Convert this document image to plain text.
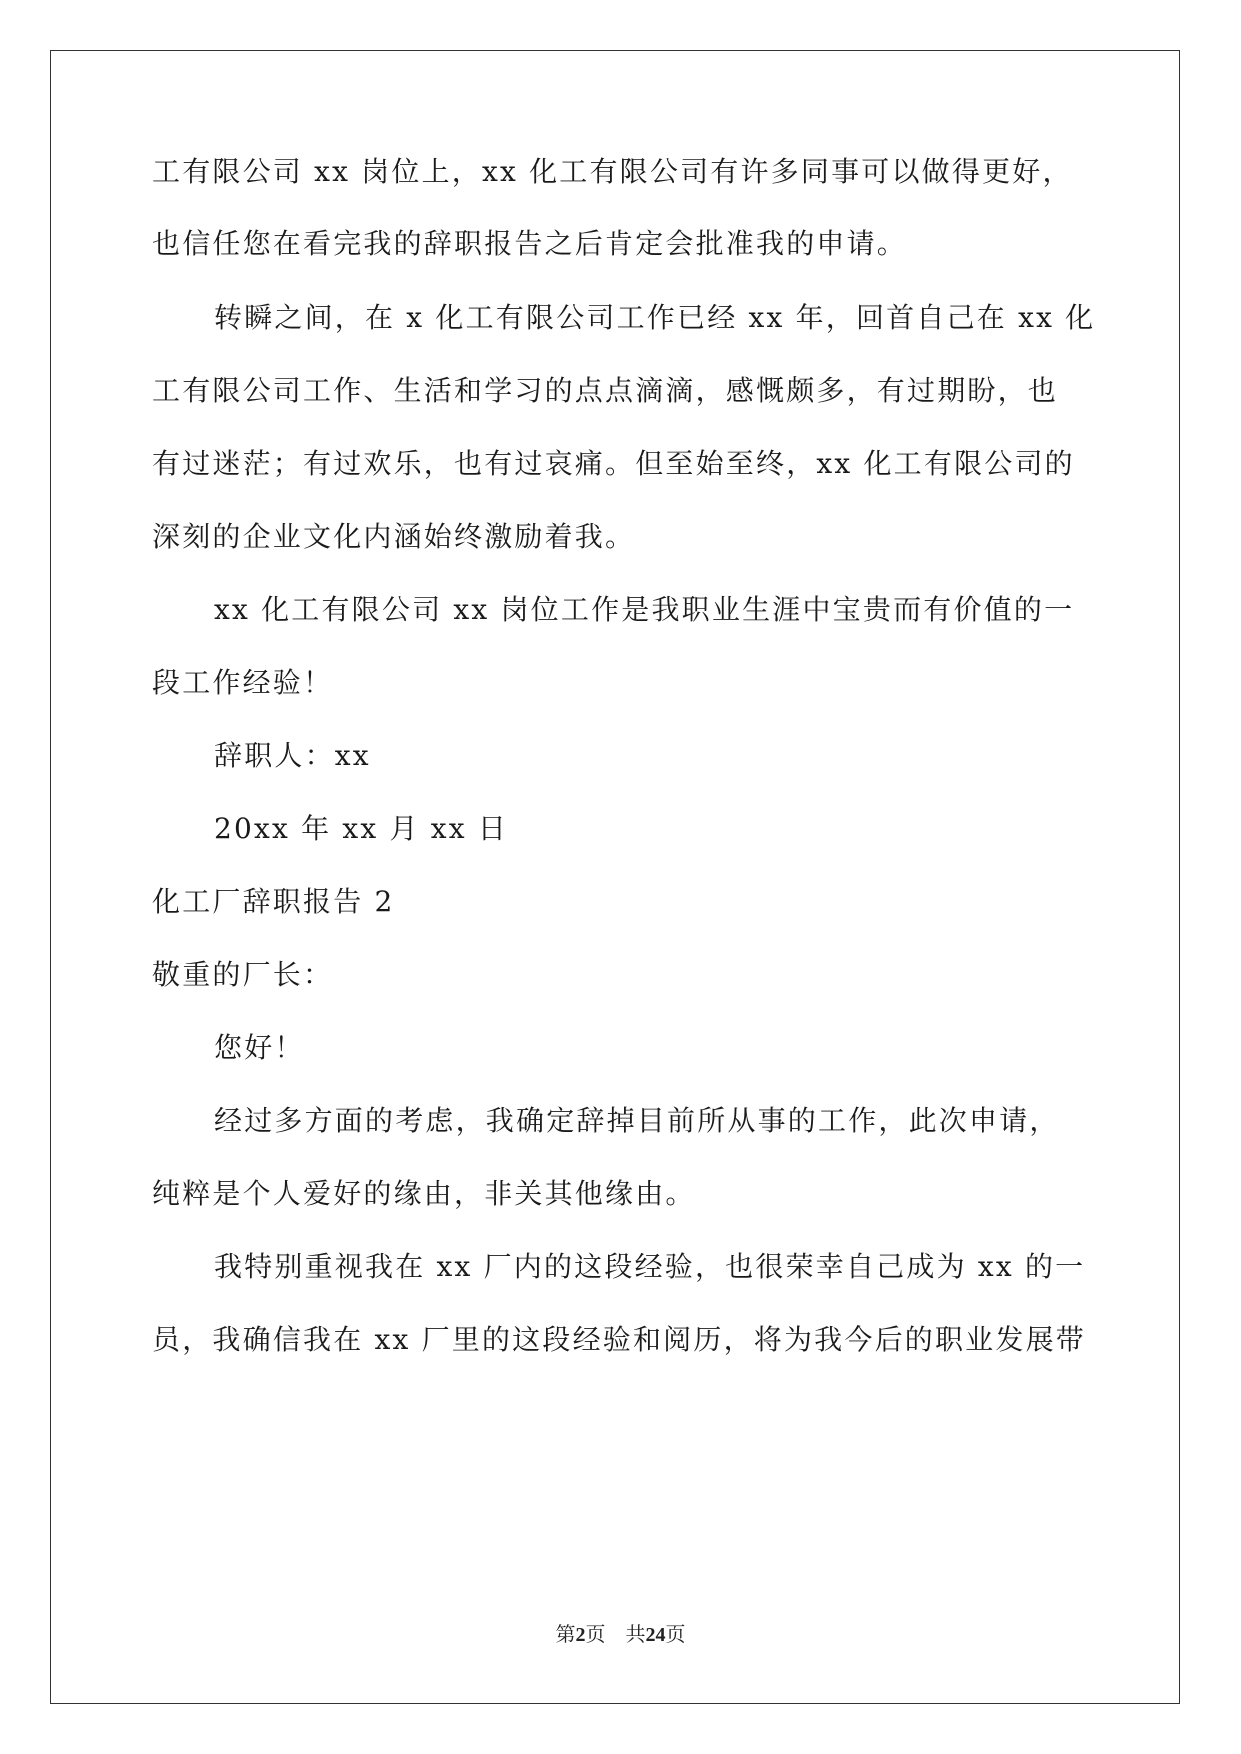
工有限公司 xx 岗位上，xx 化工有限公司有许多同事可以做得更好，
也信任您在看完我的辞职报告之后肯定会批准我的申请。
转瞬之间，在 x 化工有限公司工作已经 xx 年，回首自己在 xx 化
工有限公司工作、生活和学习的点点滴滴，感慨颇多，有过期盼，也
有过迷茫；有过欢乐，也有过哀痛。但至始至终，xx 化工有限公司的
深刻的企业文化内涵始终激励着我。
xx 化工有限公司 xx 岗位工作是我职业生涯中宝贵而有价值的一
段工作经验！
辞职人：xx
20xx 年 xx 月 xx 日
化工厂辞职报告 2
敬重的厂长：
您好！
经过多方面的考虑，我确定辞掉目前所从事的工作，此次申请，
纯粹是个人爱好的缘由，非关其他缘由。
我特别重视我在 xx 厂内的这段经验，也很荣幸自己成为 xx 的一
员，我确信我在 xx 厂里的这段经验和阅历，将为我今后的职业发展带
第2页 共24页
